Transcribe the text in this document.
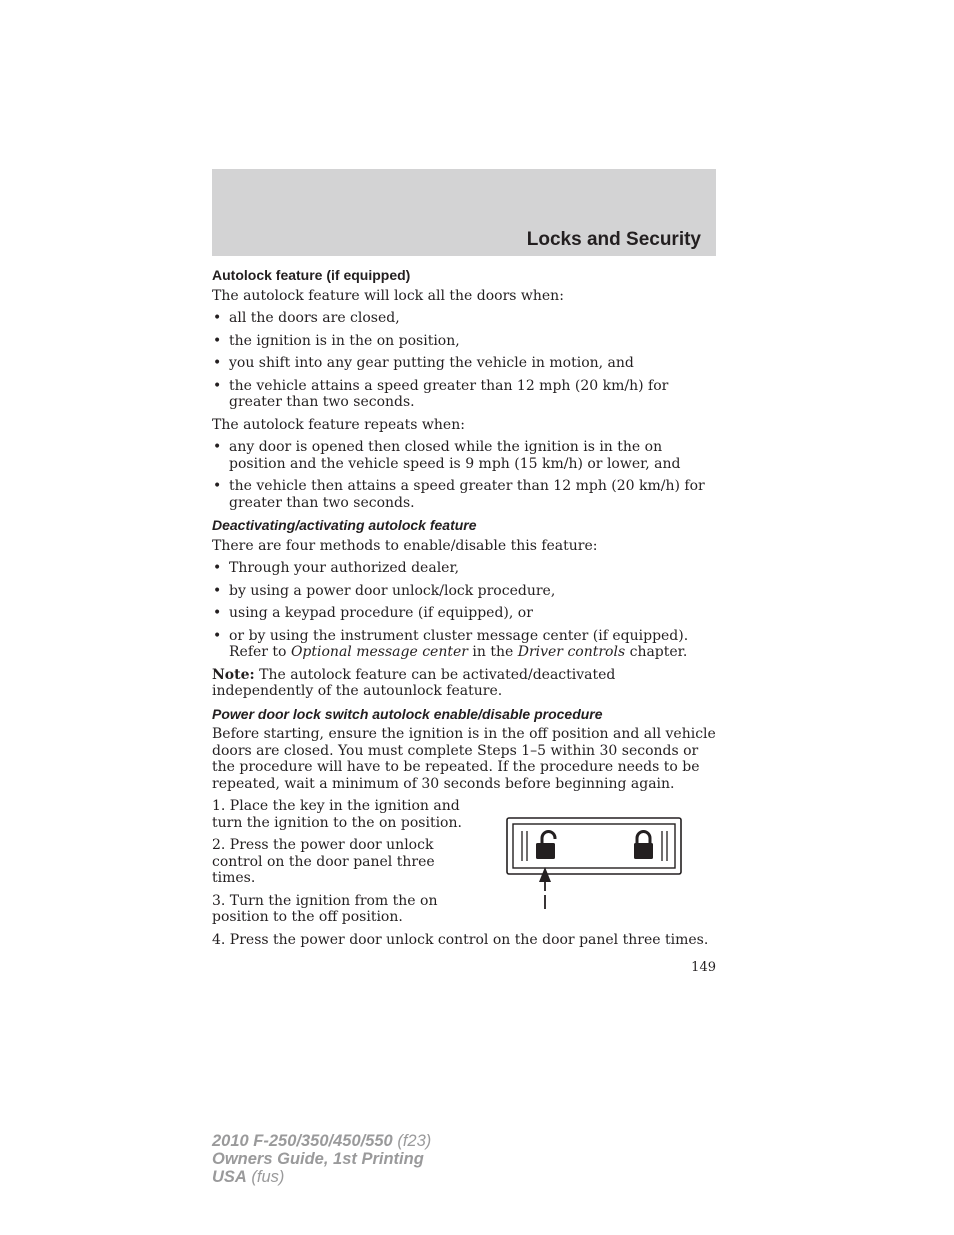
Locks and Security
Autolock feature (if equipped)

The autolock feature will lock all the doors when:

• all the doors are closed,
• the ignition is in the on position,
• you shift into any gear putting the vehicle in motion, and
• the vehicle attains a speed greater than 12 mph (20 km/h) for greater than two seconds.

The autolock feature repeats when:

• any door is opened then closed while the ignition is in the on position and the vehicle speed is 9 mph (15 km/h) or lower, and
• the vehicle then attains a speed greater than 12 mph (20 km/h) for greater than two seconds.
Deactivating/activating autolock feature

There are four methods to enable/disable this feature:

• Through your authorized dealer,
• by using a power door unlock/lock procedure,
• using a keypad procedure (if equipped), or
• or by using the instrument cluster message center (if equipped). Refer to Optional message center in the Driver controls chapter.

Note: The autolock feature can be activated/deactivated independently of the autounlock feature.

Power door lock switch autolock enable/disable procedure

Before starting, ensure the ignition is in the off position and all vehicle doors are closed. You must complete Steps 1–5 within 30 seconds or the procedure will have to be repeated. If the procedure needs to be repeated, wait a minimum of 30 seconds before beginning again.

1. Place the key in the ignition and turn the ignition to the on position.

2. Press the power door unlock control on the door panel three times.

3. Turn the ignition from the on position to the off position.

4. Press the power door unlock control on the door panel three times.

149
2010 F-250/350/450/550 (f23)
Owners Guide, 1st Printing
USA (fus)
